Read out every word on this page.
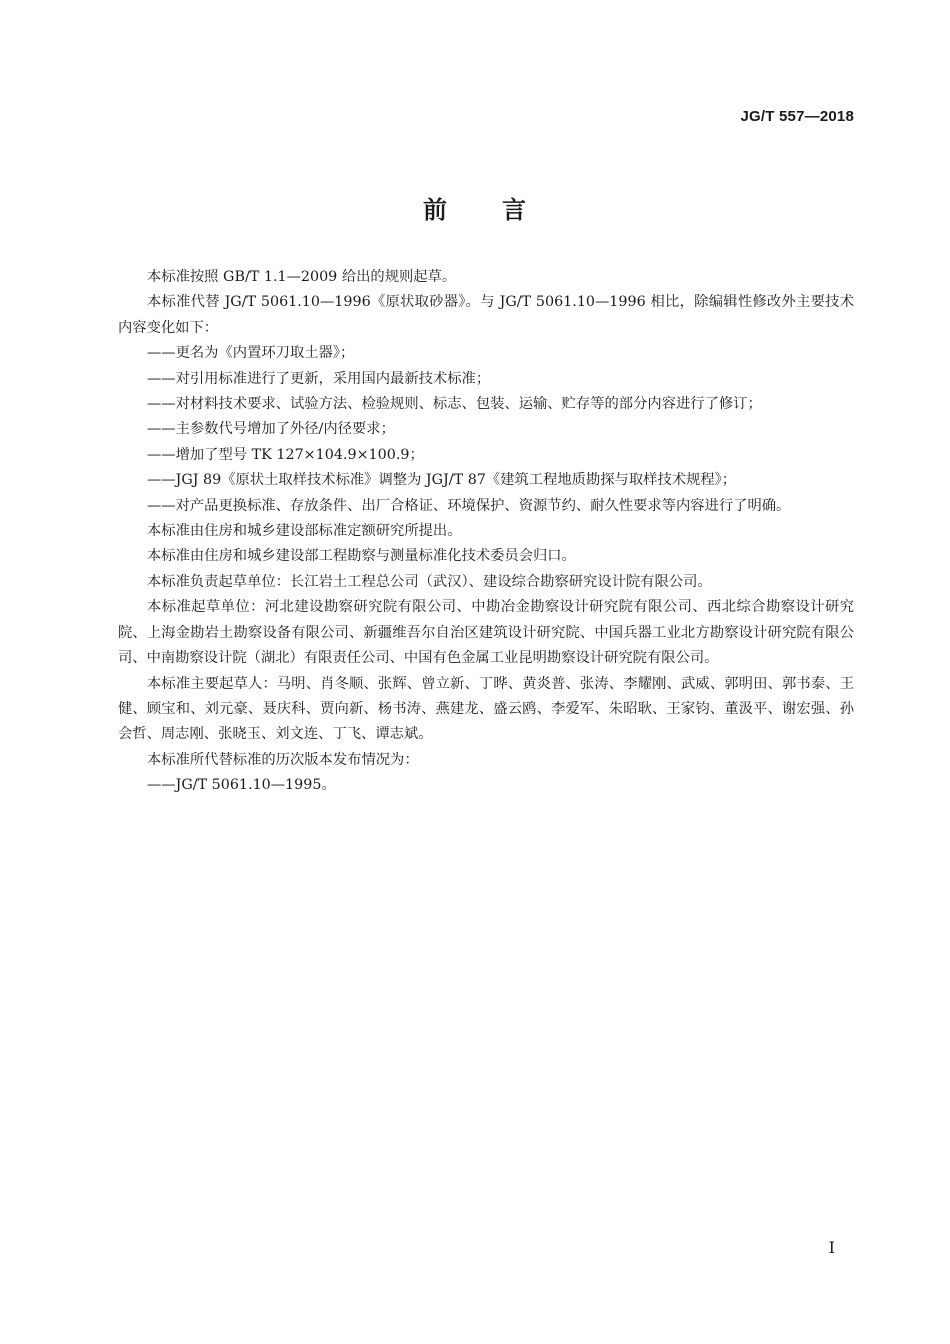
JG/T 557—2018
前 言

本标准按照 GB/T 1.1—2009 给出的规则起草。

本标准代替 JG/T 5061.10—1996《原状取砂器》。与 JG/T 5061.10—1996 相比，除编辑性修改外主要技术内容变化如下：

——更名为《内置环刀取土器》；

——对引用标准进行了更新，采用国内最新技术标准；

——对材料技术要求、试验方法、检验规则、标志、包装、运输、贮存等的部分内容进行了修订；

——主参数代号增加了外径/内径要求；

——增加了型号 TK 127×104.9×100.9；

——JGJ 89《原状土取样技术标准》调整为 JGJ/T 87《建筑工程地质勘探与取样技术规程》；

——对产品更换标准、存放条件、出厂合格证、环境保护、资源节约、耐久性要求等内容进行了明确。

本标准由住房和城乡建设部标准定额研究所提出。

本标准由住房和城乡建设部工程勘察与测量标准化技术委员会归口。

本标准负责起草单位：长江岩土工程总公司（武汉）、建设综合勘察研究设计院有限公司。

本标准起草单位：河北建设勘察研究院有限公司、中勘冶金勘察设计研究院有限公司、西北综合勘察设计研究院、上海金勘岩土勘察设备有限公司、新疆维吾尔自治区建筑设计研究院、中国兵器工业北方勘察设计研究院有限公司、中南勘察设计院（湖北）有限责任公司、中国有色金属工业昆明勘察设计研究院有限公司。

本标准主要起草人：马明、肖冬顺、张辉、曾立新、丁晔、黄炎普、张涛、李耀刚、武威、郭明田、郭书泰、王健、顾宝和、刘元豪、聂庆科、贾向新、杨书涛、燕建龙、盛云鸥、李爱军、朱昭耿、王家钧、董汲平、谢宏强、孙会哲、周志刚、张晓玉、刘文连、丁飞、谭志斌。

本标准所代替标准的历次版本发布情况为：

——JG/T 5061.10—1995。

I
